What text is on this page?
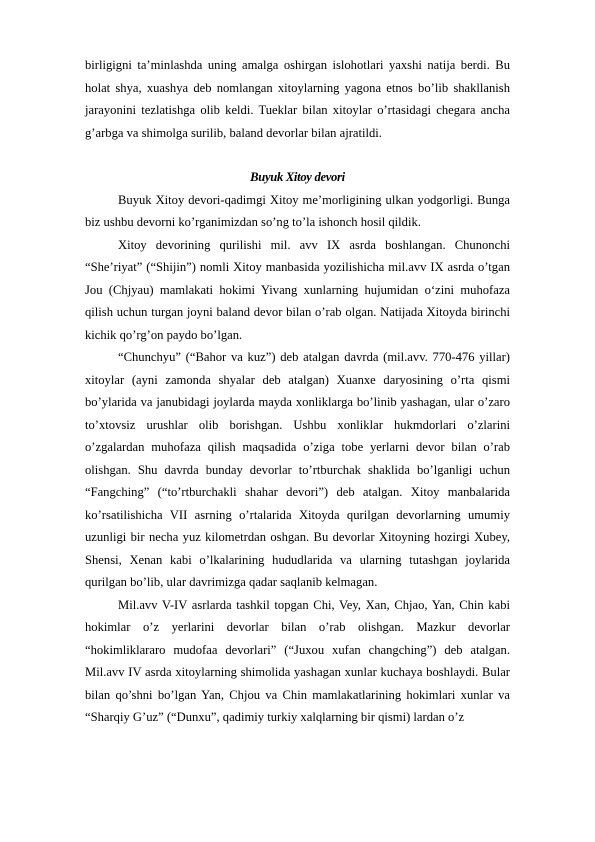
birligigni ta’minlashda uning amalga oshirgan islohotlari yaxshi natija berdi. Bu holat shya, xuashya deb nomlangan xitoylarning yagona etnos bo’lib shakllanish jarayonini tezlatishga olib keldi. Tueklar bilan xitoylar o’rtasidagi chegara ancha g’arbga va shimolga surilib, baland devorlar bilan ajratildi.

Buyuk Xitoy devori

Buyuk Xitoy devori-qadimgi Xitoy me’morligining ulkan yodgorligi. Bunga biz ushbu devorni ko’rganimizdan so’ng to’la ishonch hosil qildik.

Xitoy devorining qurilishi mil. avv IX asrda boshlangan. Chunonchi “She’riyat” (“Shijin”) nomli Xitoy manbasida yozilishicha mil.avv IX asrda o’tgan Jou (Chjyau) mamlakati hokimi Yivang xunlarning hujumidan o‘zini muhofaza qilish uchun turgan joyni baland devor bilan o’rab olgan. Natijada Xitoyda birinchi kichik qo’rg’on paydo bo’lgan.

“Chunchyu” (“Bahor va kuz”) deb atalgan davrda (mil.avv. 770-476 yillar) xitoylar (ayni zamonda shyalar deb atalgan) Xuanxe daryosining o’rta qismi bo’ylarida va janubidagi joylarda mayda xonliklarga bo’linib yashagan, ular o’zaro to’xtovsiz urushlar olib borishgan. Ushbu xonliklar hukmdorlari o’zlarini o’zgalardan muhofaza qilish maqsadida o’ziga tobe yerlarni devor bilan o’rab olishgan. Shu davrda bunday devorlar to’rtburchak shaklida bo’lganligi uchun “Fangching” (“to’rtburchakli shahar devori”) deb atalgan. Xitoy manbalarida ko’rsatilishicha VII asrning o’rtalarida Xitoyda qurilgan devorlarning umumiy uzunligi bir necha yuz kilometrdan oshgan. Bu devorlar Xitoyning hozirgi Xubey, Shensi, Xenan kabi o’lkalarining hududlarida va ularning tutashgan joylarida qurilgan bo’lib, ular davrimizga qadar saqlanib kelmagan.

Mil.avv V-IV asrlarda tashkil topgan Chi, Vey, Xan, Chjao, Yan, Chin kabi hokimlar o’z yerlarini devorlar bilan o’rab olishgan. Mazkur devorlar “hokimliklararo mudofaa devorlari” (“Juxou xufan changching”) deb atalgan. Mil.avv IV asrda xitoylarning shimolida yashagan xunlar kuchaya boshlaydi. Bular bilan qo’shni bo’lgan Yan, Chjou va Chin mamlakatlarining hokimlari xunlar va “Sharqiy G’uz” (“Dunxu”, qadimiy turkiy xalqlarning bir qismi) lardan o’z
